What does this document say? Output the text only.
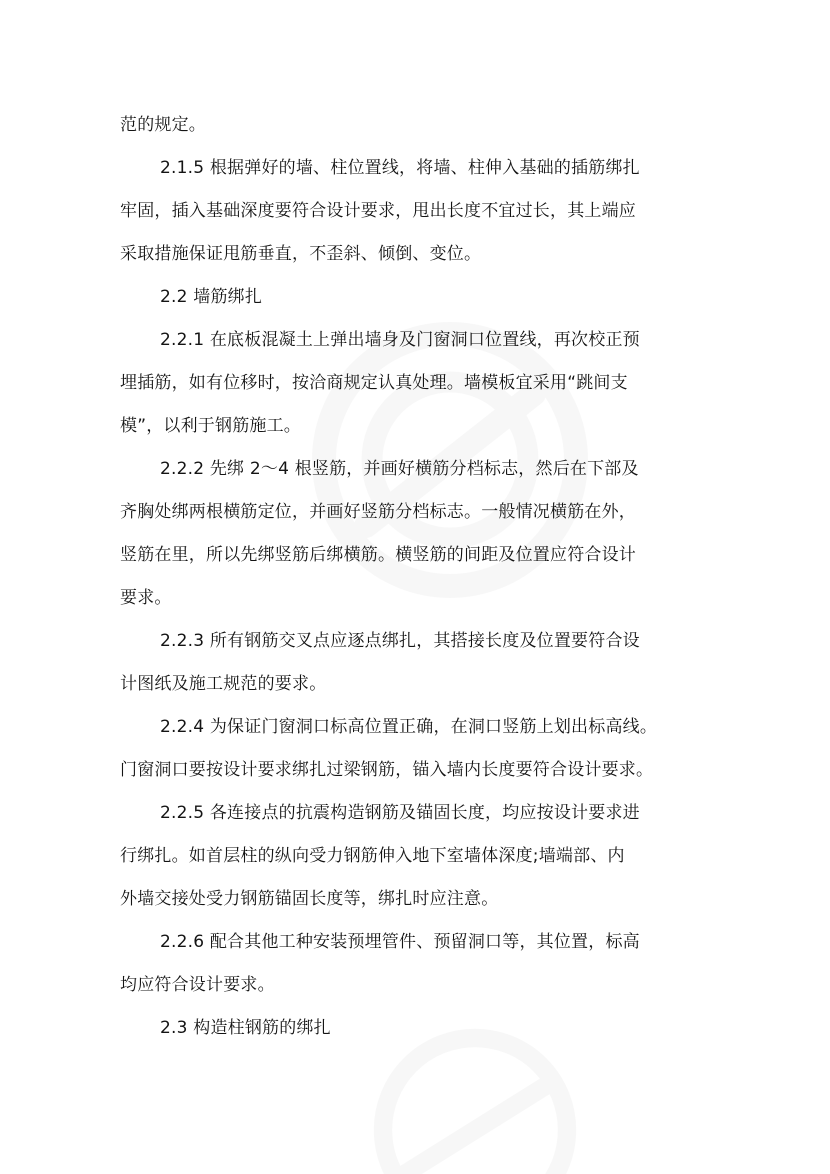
范的规定。

2.1.5 根据弹好的墙、柱位置线，将墙、柱伸入基础的插筋绑扎
牢固，插入基础深度要符合设计要求，甩出长度不宜过长，其上端应
采取措施保证甩筋垂直，不歪斜、倾倒、变位。

2.2 墙筋绑扎

2.2.1 在底板混凝土上弹出墙身及门窗洞口位置线，再次校正预
埋插筋，如有位移时，按洽商规定认真处理。墙模板宜采用“跳间支
模”，以利于钢筋施工。

2.2.2 先绑 2～4 根竖筋，并画好横筋分档标志，然后在下部及
齐胸处绑两根横筋定位，并画好竖筋分档标志。一般情况横筋在外，
竖筋在里，所以先绑竖筋后绑横筋。横竖筋的间距及位置应符合设计
要求。

2.2.3 所有钢筋交叉点应逐点绑扎，其搭接长度及位置要符合设
计图纸及施工规范的要求。

2.2.4 为保证门窗洞口标高位置正确，在洞口竖筋上划出标高线。
门窗洞口要按设计要求绑扎过梁钢筋，锚入墙内长度要符合设计要求。

2.2.5 各连接点的抗震构造钢筋及锚固长度，均应按设计要求进
行绑扎。如首层柱的纵向受力钢筋伸入地下室墙体深度;墙端部、内
外墙交接处受力钢筋锚固长度等，绑扎时应注意。

2.2.6 配合其他工种安装预埋管件、预留洞口等，其位置，标高
均应符合设计要求。

2.3 构造柱钢筋的绑扎
